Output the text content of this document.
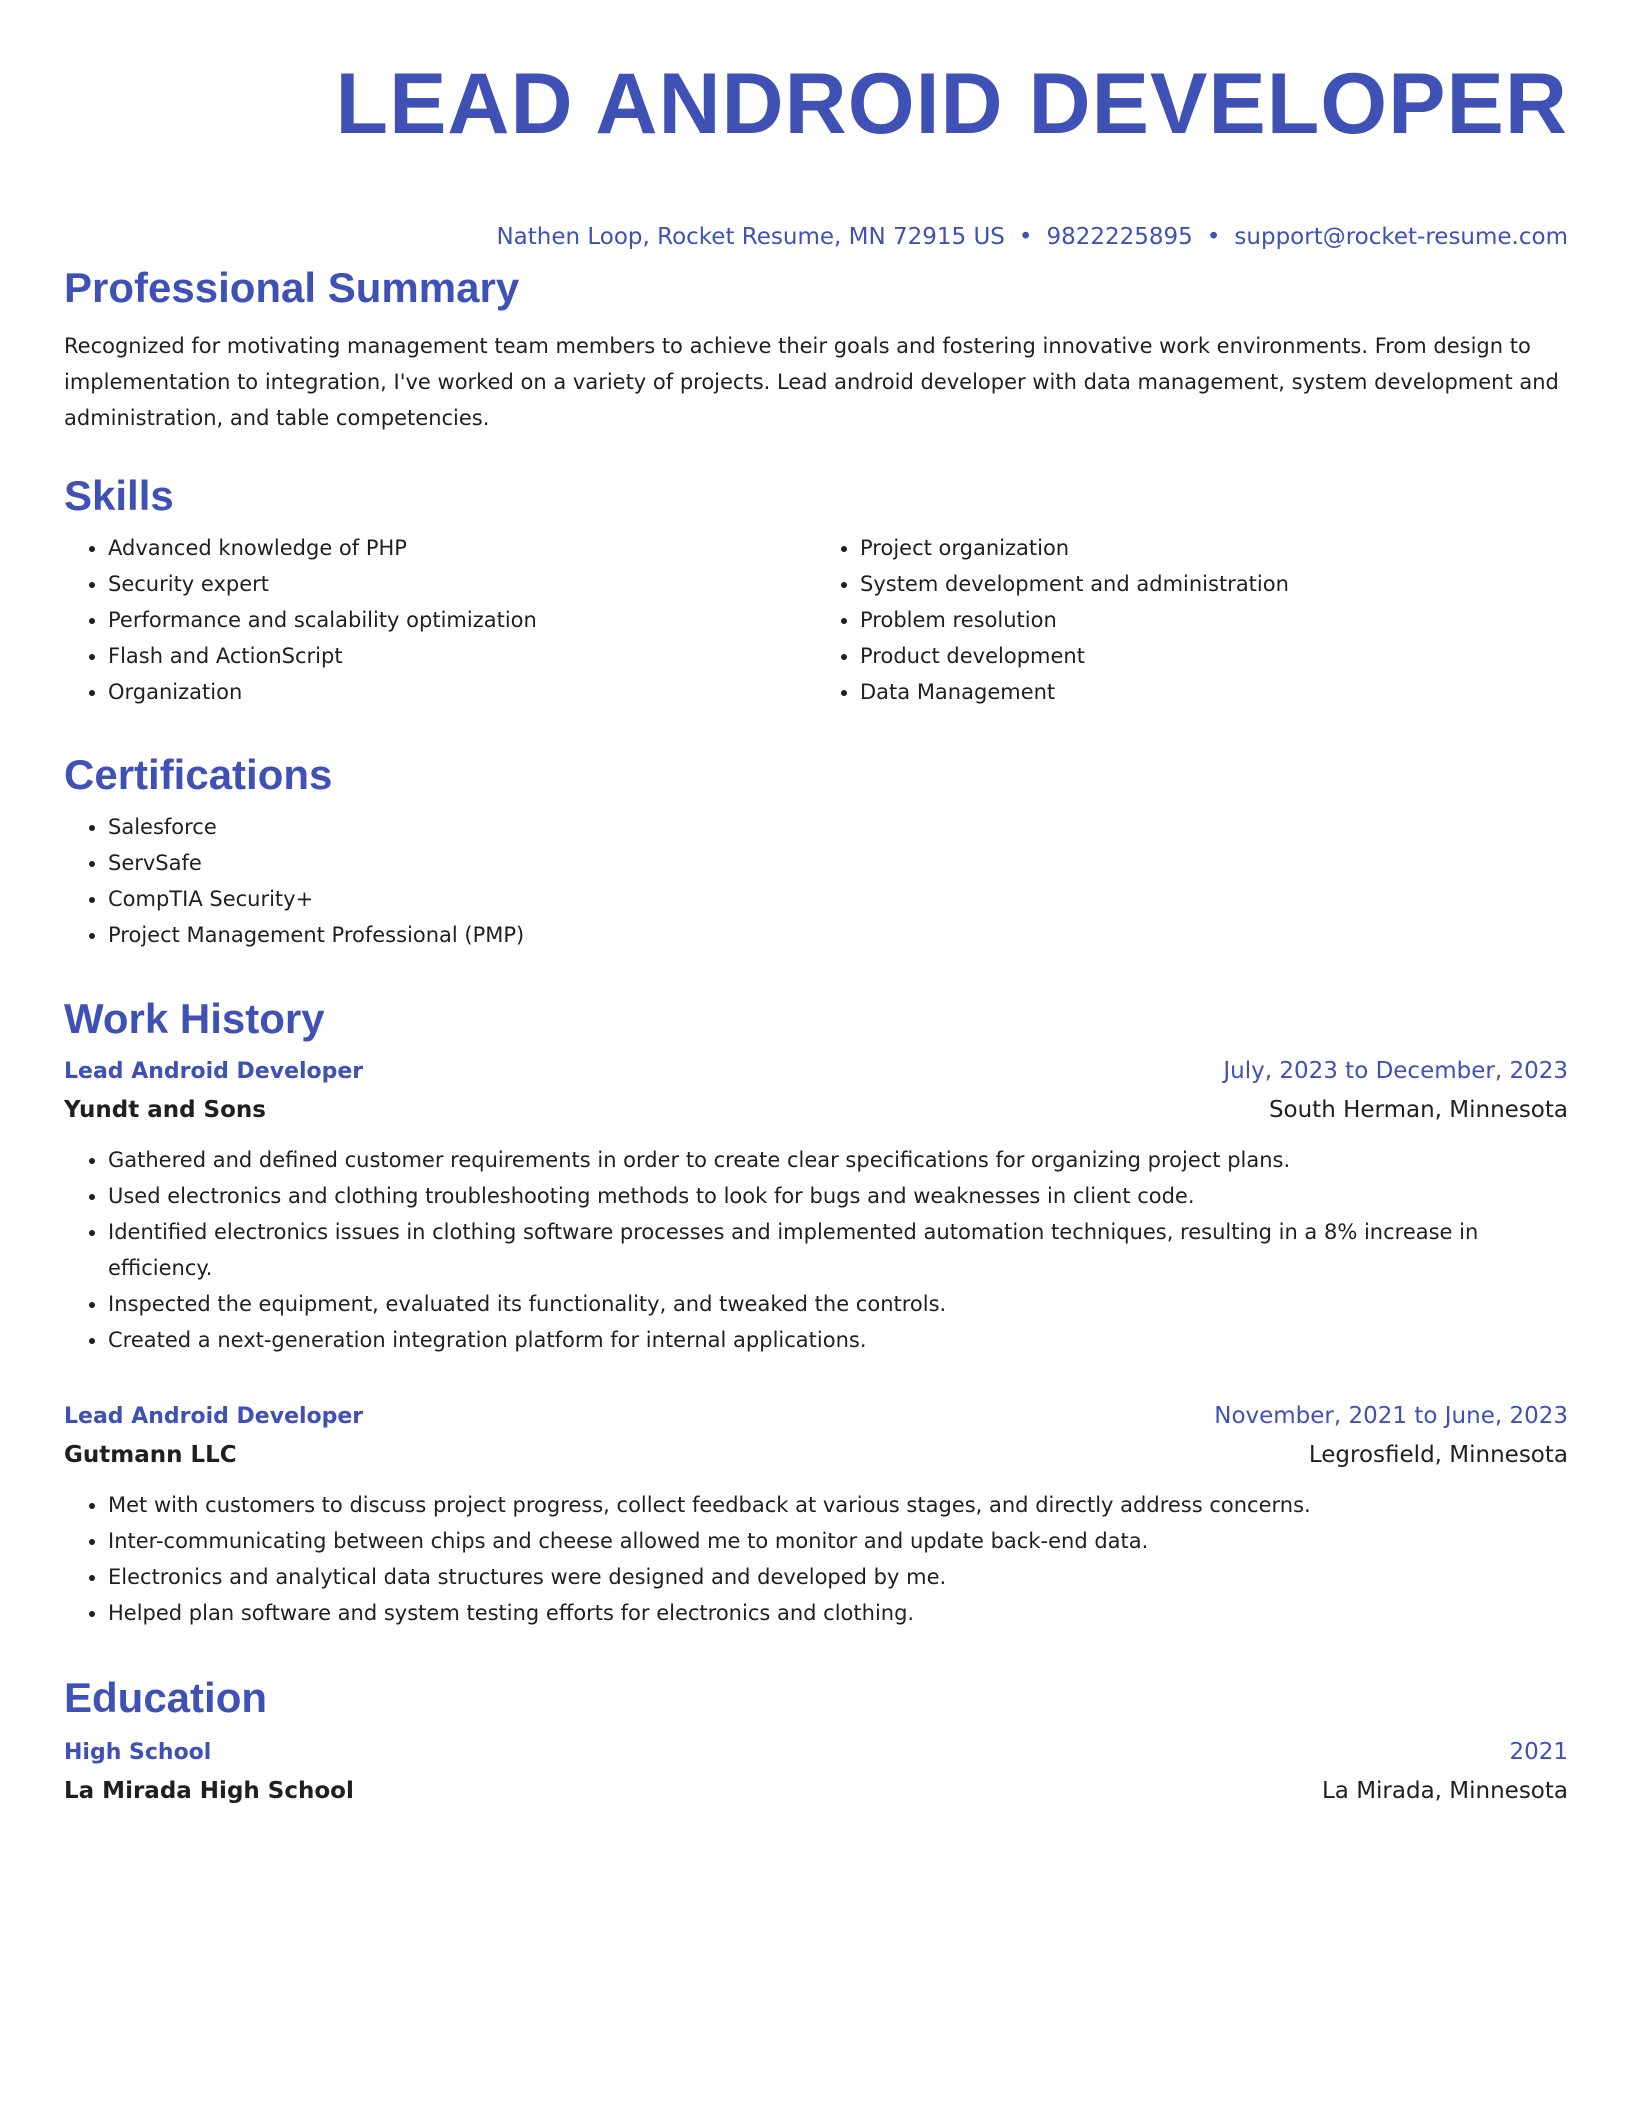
LEAD ANDROID DEVELOPER
Nathen Loop, Rocket Resume, MN 72915 US • 9822225895 • support@rocket-resume.com
Professional Summary
Recognized for motivating management team members to achieve their goals and fostering innovative work environments. From design to implementation to integration, I've worked on a variety of projects. Lead android developer with data management, system development and administration, and table competencies.
Skills
• Advanced knowledge of PHP
• Security expert
• Performance and scalability optimization
• Flash and ActionScript
• Organization
• Project organization
• System development and administration
• Problem resolution
• Product development
• Data Management
Certifications
• Salesforce
• ServSafe
• CompTIA Security+
• Project Management Professional (PMP)
Work History
Lead Android Developer	July, 2023 to December, 2023
Yundt and Sons	South Herman, Minnesota
• Gathered and defined customer requirements in order to create clear specifications for organizing project plans.
• Used electronics and clothing troubleshooting methods to look for bugs and weaknesses in client code.
• Identified electronics issues in clothing software processes and implemented automation techniques, resulting in a 8% increase in efficiency.
• Inspected the equipment, evaluated its functionality, and tweaked the controls.
• Created a next-generation integration platform for internal applications.
Lead Android Developer	November, 2021 to June, 2023
Gutmann LLC	Legrosfield, Minnesota
• Met with customers to discuss project progress, collect feedback at various stages, and directly address concerns.
• Inter-communicating between chips and cheese allowed me to monitor and update back-end data.
• Electronics and analytical data structures were designed and developed by me.
• Helped plan software and system testing efforts for electronics and clothing.
Education
High School	2021
La Mirada High School	La Mirada, Minnesota
